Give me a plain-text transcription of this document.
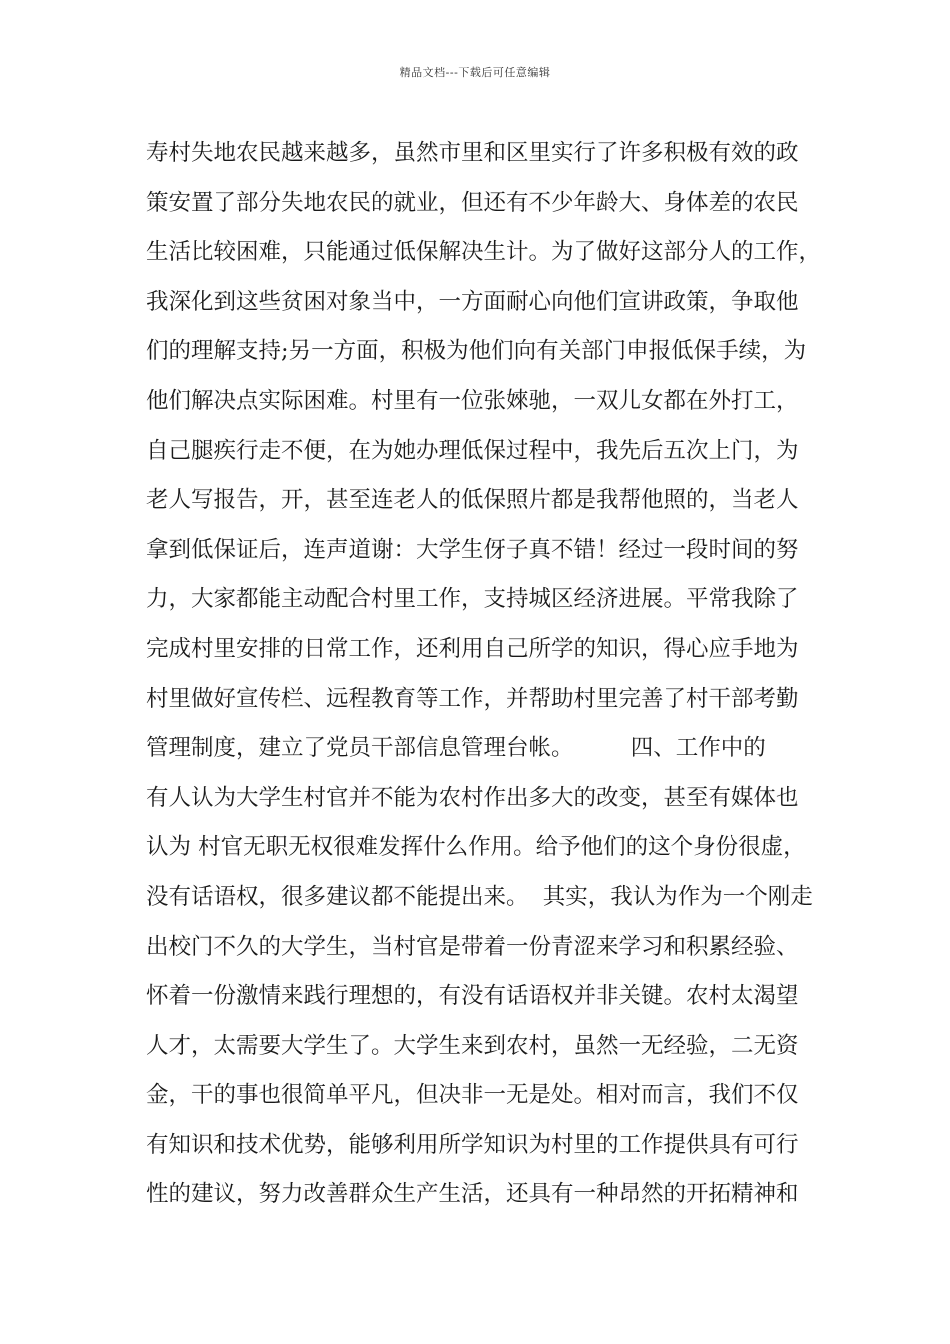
精品文档---下载后可任意编辑
寿村失地农民越来越多，虽然市里和区里实行了许多积极有效的政
策安置了部分失地农民的就业，但还有不少年龄大、身体差的农民
生活比较困难，只能通过低保解决生计。为了做好这部分人的工作，
我深化到这些贫困对象当中，一方面耐心向他们宣讲政策，争取他
们的理解支持;另一方面，积极为他们向有关部门申报低保手续，为
他们解决点实际困难。村里有一位张婡驰，一双儿女都在外打工，
自己腿疾行走不便，在为她办理低保过程中，我先后五次上门，为
老人写报告，开，甚至连老人的低保照片都是我帮他照的，当老人
拿到低保证后，连声道谢：大学生伢子真不错！经过一段时间的努
力，大家都能主动配合村里工作，支持城区经济进展。平常我除了
完成村里安排的日常工作，还利用自己所学的知识，得心应手地为
村里做好宣传栏、远程教育等工作，并帮助村里完善了村干部考勤
管理制度，建立了党员干部信息管理台帐。        四、工作中的
有人认为大学生村官并不能为农村作出多大的改变，甚至有媒体也
认为 村官无职无权很难发挥什么作用。给予他们的这个身份很虚，
没有话语权，很多建议都不能提出来。  其实，我认为作为一个刚走
出校门不久的大学生，当村官是带着一份青涩来学习和积累经验、
怀着一份激情来践行理想的，有没有话语权并非关键。农村太渴望
人才，太需要大学生了。大学生来到农村，虽然一无经验，二无资
金，干的事也很简单平凡，但决非一无是处。相对而言，我们不仅
有知识和技术优势，能够利用所学知识为村里的工作提供具有可行
性的建议，努力改善群众生产生活，还具有一种昂然的开拓精神和
